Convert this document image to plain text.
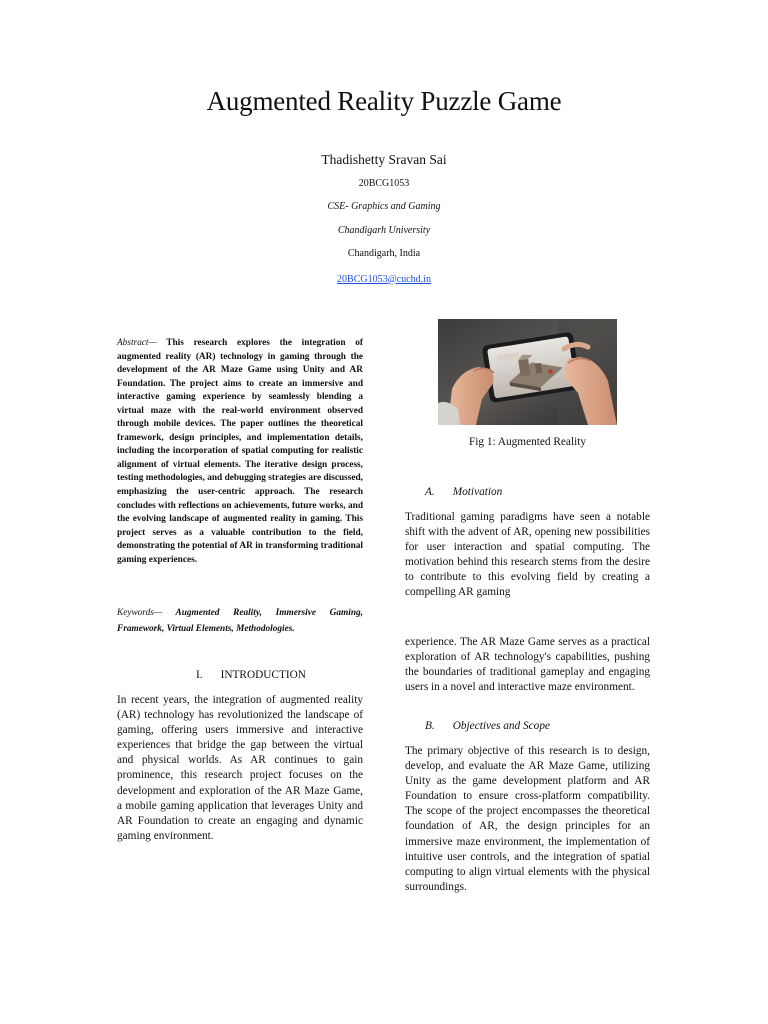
Augmented Reality Puzzle Game
Thadishetty Sravan Sai
20BCG1053
CSE- Graphics and Gaming
Chandigarh University
Chandigarh, India
20BCG1053@cuchd.in

Abstract— This research explores the integration of augmented reality (AR) technology in gaming through the development of the AR Maze Game using Unity and AR Foundation. The project aims to create an immersive and interactive gaming experience by seamlessly blending a virtual maze with the real-world environment observed through mobile devices. The paper outlines the theoretical framework, design principles, and implementation details, including the incorporation of spatial computing for realistic alignment of virtual elements. The iterative design process, testing methodologies, and debugging strategies are discussed, emphasizing the user-centric approach. The research concludes with reflections on achievements, future works, and the evolving landscape of augmented reality in gaming. This project serves as a valuable contribution to the field, demonstrating the potential of AR in transforming traditional gaming experiences.

Keywords— Augmented Reality, Immersive Gaming, Framework, Virtual Elements, Methodologies.

I. INTRODUCTION

In recent years, the integration of augmented reality (AR) technology has revolutionized the landscape of gaming, offering users immersive and interactive experiences that bridge the gap between the virtual and physical worlds. As AR continues to gain prominence, this research project focuses on the development and exploration of the AR Maze Game, a mobile gaming application that leverages Unity and AR Foundation to create an engaging and dynamic gaming environment.

Fig 1: Augmented Reality

A. Motivation

Traditional gaming paradigms have seen a notable shift with the advent of AR, opening new possibilities for user interaction and spatial computing. The motivation behind this research stems from the desire to contribute to this evolving field by creating a compelling AR gaming

experience. The AR Maze Game serves as a practical exploration of AR technology's capabilities, pushing the boundaries of traditional gameplay and engaging users in a novel and interactive maze environment.

B. Objectives and Scope

The primary objective of this research is to design, develop, and evaluate the AR Maze Game, utilizing Unity as the game development platform and AR Foundation to ensure cross-platform compatibility. The scope of the project encompasses the theoretical foundation of AR, the design principles for an immersive maze environment, the implementation of intuitive user controls, and the integration of spatial computing to align virtual elements with the physical surroundings.
